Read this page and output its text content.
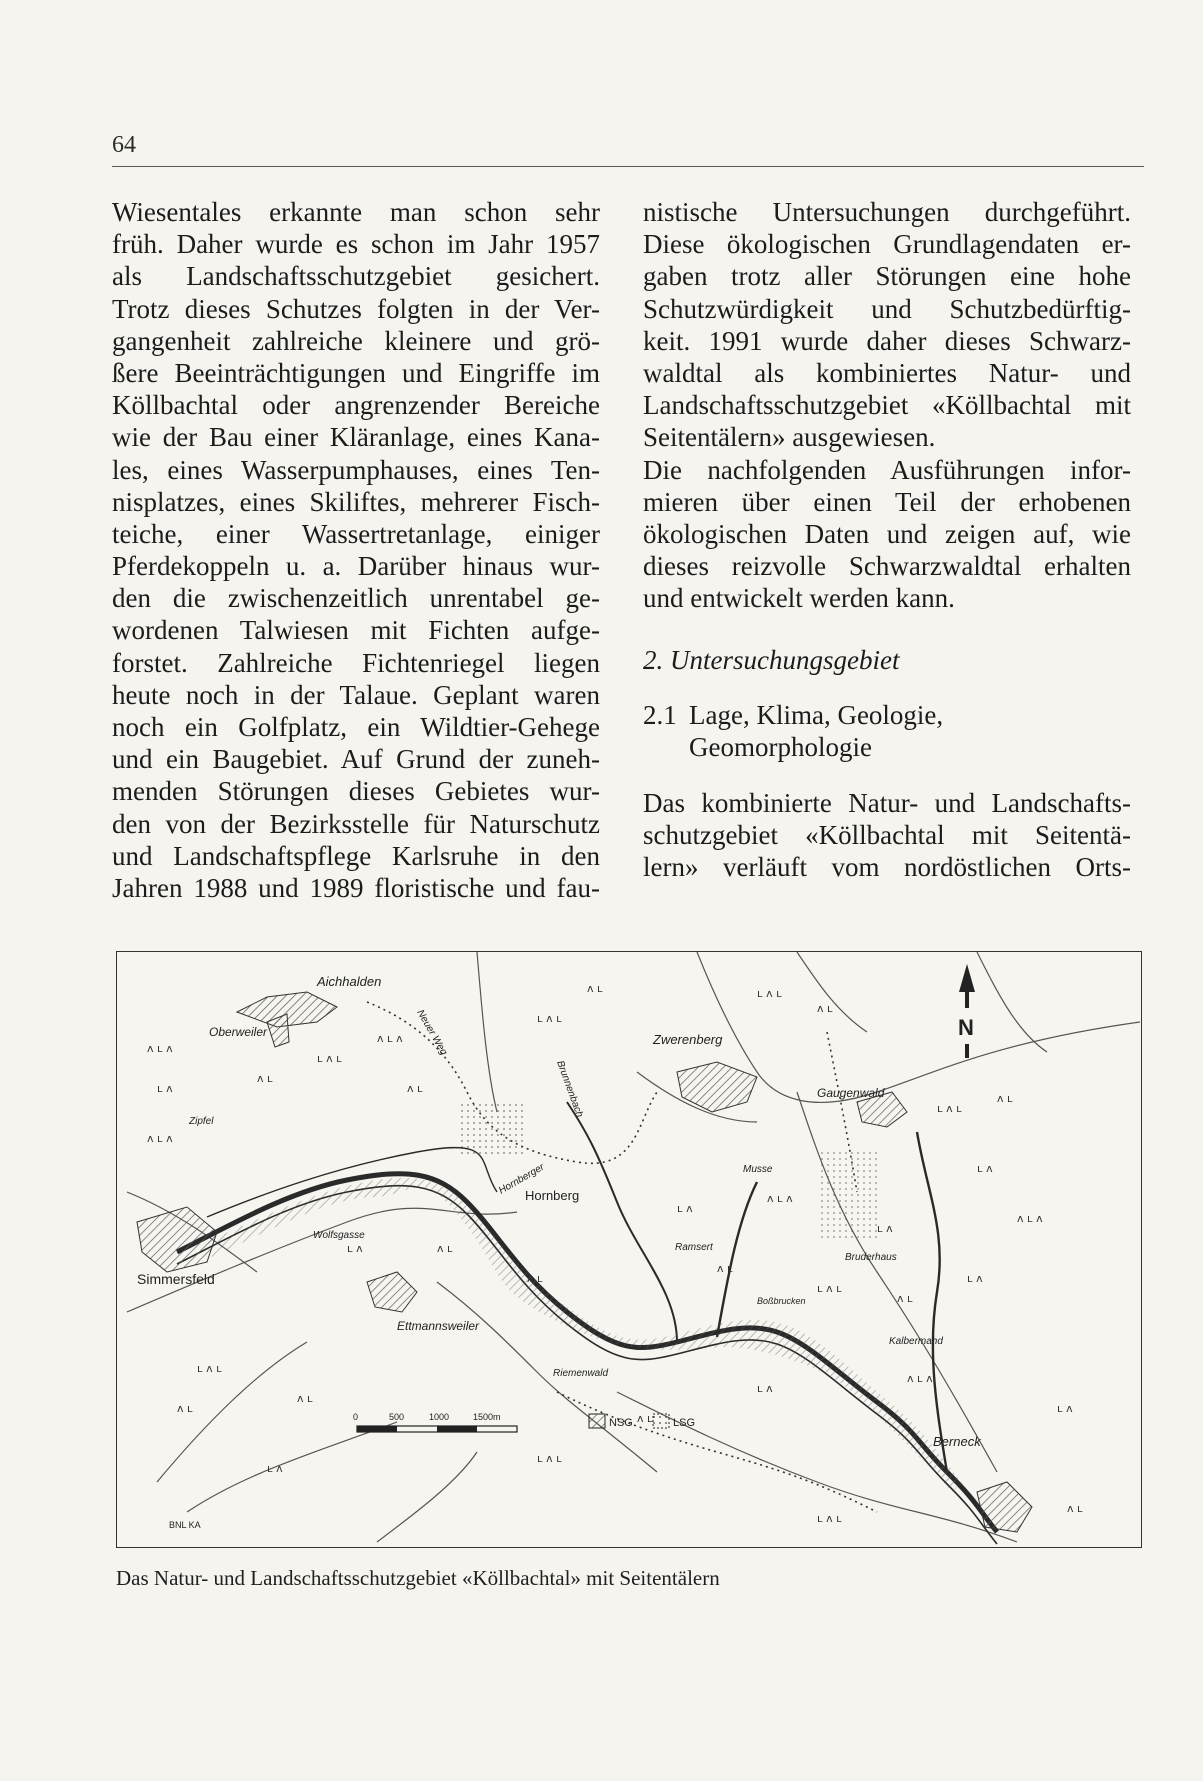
64
Wiesentales erkannte man schon sehr
früh. Daher wurde es schon im Jahr 1957
als Landschaftsschutzgebiet gesichert.
Trotz dieses Schutzes folgten in der Ver-
gangenheit zahlreiche kleinere und grö-
ßere Beeinträchtigungen und Eingriffe im
Köllbachtal oder angrenzender Bereiche
wie der Bau einer Kläranlage, eines Kana-
les, eines Wasserpumphauses, eines Ten-
nisplatzes, eines Skiliftes, mehrerer Fisch-
teiche, einer Wassertretanlage, einiger
Pferdekoppeln u. a. Darüber hinaus wur-
den die zwischenzeitlich unrentabel ge-
wordenen Talwiesen mit Fichten aufge-
forstet. Zahlreiche Fichtenriegel liegen
heute noch in der Talaue. Geplant waren
noch ein Golfplatz, ein Wildtier-Gehege
und ein Baugebiet. Auf Grund der zuneh-
menden Störungen dieses Gebietes wur-
den von der Bezirksstelle für Naturschutz
und Landschaftspflege Karlsruhe in den
Jahren 1988 und 1989 floristische und fau-
nistische Untersuchungen durchgeführt.
Diese ökologischen Grundlagendaten er-
gaben trotz aller Störungen eine hohe
Schutzwürdigkeit und Schutzbedürftig-
keit. 1991 wurde daher dieses Schwarz-
waldtal als kombiniertes Natur- und
Landschaftsschutzgebiet «Köllbachtal mit
Seitentälern» ausgewiesen.
Die nachfolgenden Ausführungen infor-
mieren über einen Teil der erhobenen
ökologischen Daten und zeigen auf, wie
dieses reizvolle Schwarzwaldtal erhalten
und entwickelt werden kann.
2. Untersuchungsgebiet
2.1 Lage, Klima, Geologie,
Geomorphologie
Das kombinierte Natur- und Landschafts-
schutzgebiet «Köllbachtal mit Seitentä-
lern» verläuft vom nordöstlichen Orts-
ᴧ ʟ ᴧ
ʟ ᴧ
ᴧ ʟ ᴧ
ᴧ ʟ
ʟ ᴧ ʟ
ᴧ ʟ ᴧ
ᴧ ʟ
ʟ ᴧ ʟ
ᴧ ʟ	ʟ ᴧ ʟ
ᴧ ʟ
ʟ ᴧ ʟ
ᴧ ʟ
ʟ ᴧ
ᴧ ʟ ᴧ
ʟ ᴧ
ᴧ ʟ ᴧ
ʟ ᴧ
ᴧ ʟ
ʟ ᴧ ʟ
ᴧ ʟ
ʟ ᴧ
ᴧ ʟ ᴧ
ʟ ᴧ
ᴧ ʟ
ʟ ᴧ ʟ
ᴧ ʟ
ʟ ᴧ ʟ
ᴧ ʟ
ʟ ᴧ
ᴧ ʟ
ʟ ᴧ
ᴧ ʟ
ʟ ᴧ ʟ
ᴧ ʟ
ʟ ᴧ
Aichhalden
Oberweiler	Zwerenberg
Gaugenwald
Zipfel
Hornberg
Hornberger
Brunnenbach
Neuer Weg
Musse
Wolfsgasse
Ramsert
Bruderhaus
Simmersfeld
Ettmannsweiler
Boßbrucken
Kalbermahd
Riemenwald
Berneck
N
0	500	1000	1500m	NSG	LSG
BNL KA
Das Natur- und Landschaftsschutzgebiet «Köllbachtal» mit Seitentälern
